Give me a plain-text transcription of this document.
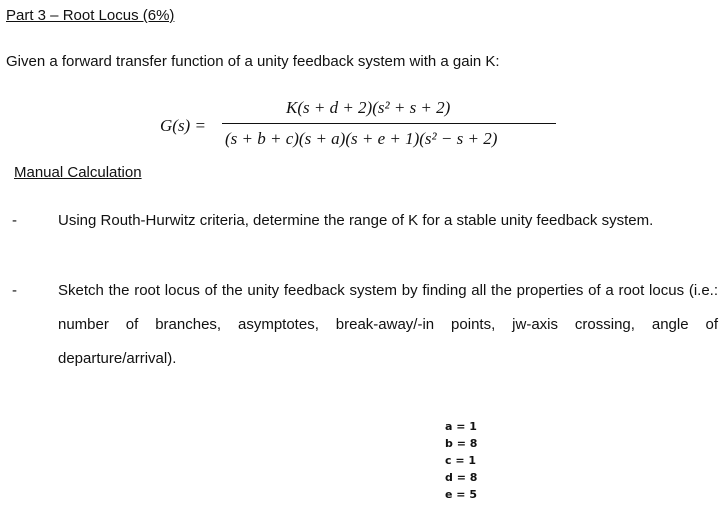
Part 3 – Root Locus (6%)
Given a forward transfer function of a unity feedback system with a gain K:
G(s) =
K(s + d + 2)(s² + s + 2)
(s + b + c)(s + a)(s + e + 1)(s² − s + 2)
Manual Calculation
-	Using Routh-Hurwitz criteria, determine the range of K for a stable unity feedback system.
-	Sketch the root locus of the unity feedback system by finding all the properties of a root locus (i.e.: number of branches, asymptotes, break-away/-in points, jw-axis crossing, angle of departure/arrival).
a = 1
b = 8
c = 1
d = 8
e = 5
